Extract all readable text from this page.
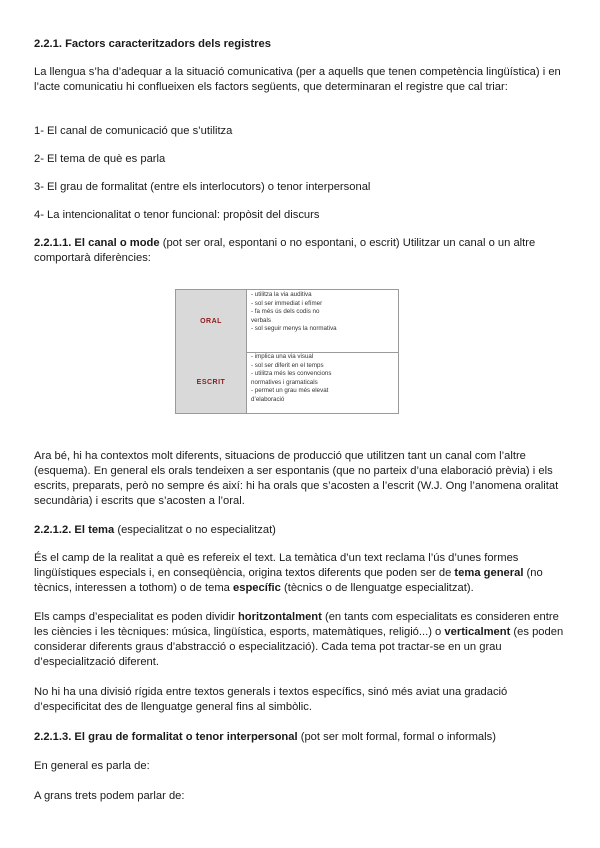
2.2.1. Factors caracteritzadors dels registres

La llengua s’ha d’adequar a la situació comunicativa (per a aquells que tenen competència lingüística) i en l’acte comunicatiu hi conflueixen els factors següents, que determinaran el registre que cal triar:

1- El canal de comunicació que s’utilitza

2- El tema de què es parla

3- El grau de formalitat (entre els interlocutors) o tenor interpersonal

4- La intencionalitat o tenor funcional: propòsit del discurs

2.2.1.1. El canal o mode (pot ser oral, espontani o no espontani, o escrit) Utilitzar un canal o un altre comportarà diferències:

ORAL
- utilitza la via auditiva
- sol ser immediat i efímer
- fa més ús dels codis no
verbals
- sol seguir menys la normativa
ESCRIT
- implica una via visual
- sol ser diferit en el temps
- utilitza més les convencions
normatives i gramaticals
- permet un grau més elevat
d’elaboració

Ara bé, hi ha contextos molt diferents, situacions de producció que utilitzen tant un canal com l’altre (esquema). En general els orals tendeixen a ser espontanis (que no parteix d’una elaboració prèvia) i els escrits, preparats, però no sempre és així: hi ha orals que s’acosten a l’escrit (W.J. Ong l’anomena oralitat secundària) i escrits que s’acosten a l’oral.

2.2.1.2. El tema (especialitzat o no especialitzat)

És el camp de la realitat a què es refereix el text. La temàtica d’un text reclama l’ús d’unes formes lingüístiques especials i, en conseqüència, origina textos diferents que poden ser de tema general (no tècnics, interessen a tothom) o de tema específic (tècnics o de llenguatge especialitzat).

Els camps d’especialitat es poden dividir horitzontalment (en tants com especialitats es consideren entre les ciències i les tècniques: música, lingüística, esports, matemàtiques, religió...) o verticalment (es poden considerar diferents graus d’abstracció o especialització). Cada tema pot tractar-se en un grau d’especialització diferent.

No hi ha una divisió rígida entre textos generals i textos específics, sinó més aviat una gradació d’especificitat des de llenguatge general fins al simbòlic.

2.2.1.3. El grau de formalitat o tenor interpersonal (pot ser molt formal, formal o informals)

En general es parla de:

A grans trets podem parlar de:
